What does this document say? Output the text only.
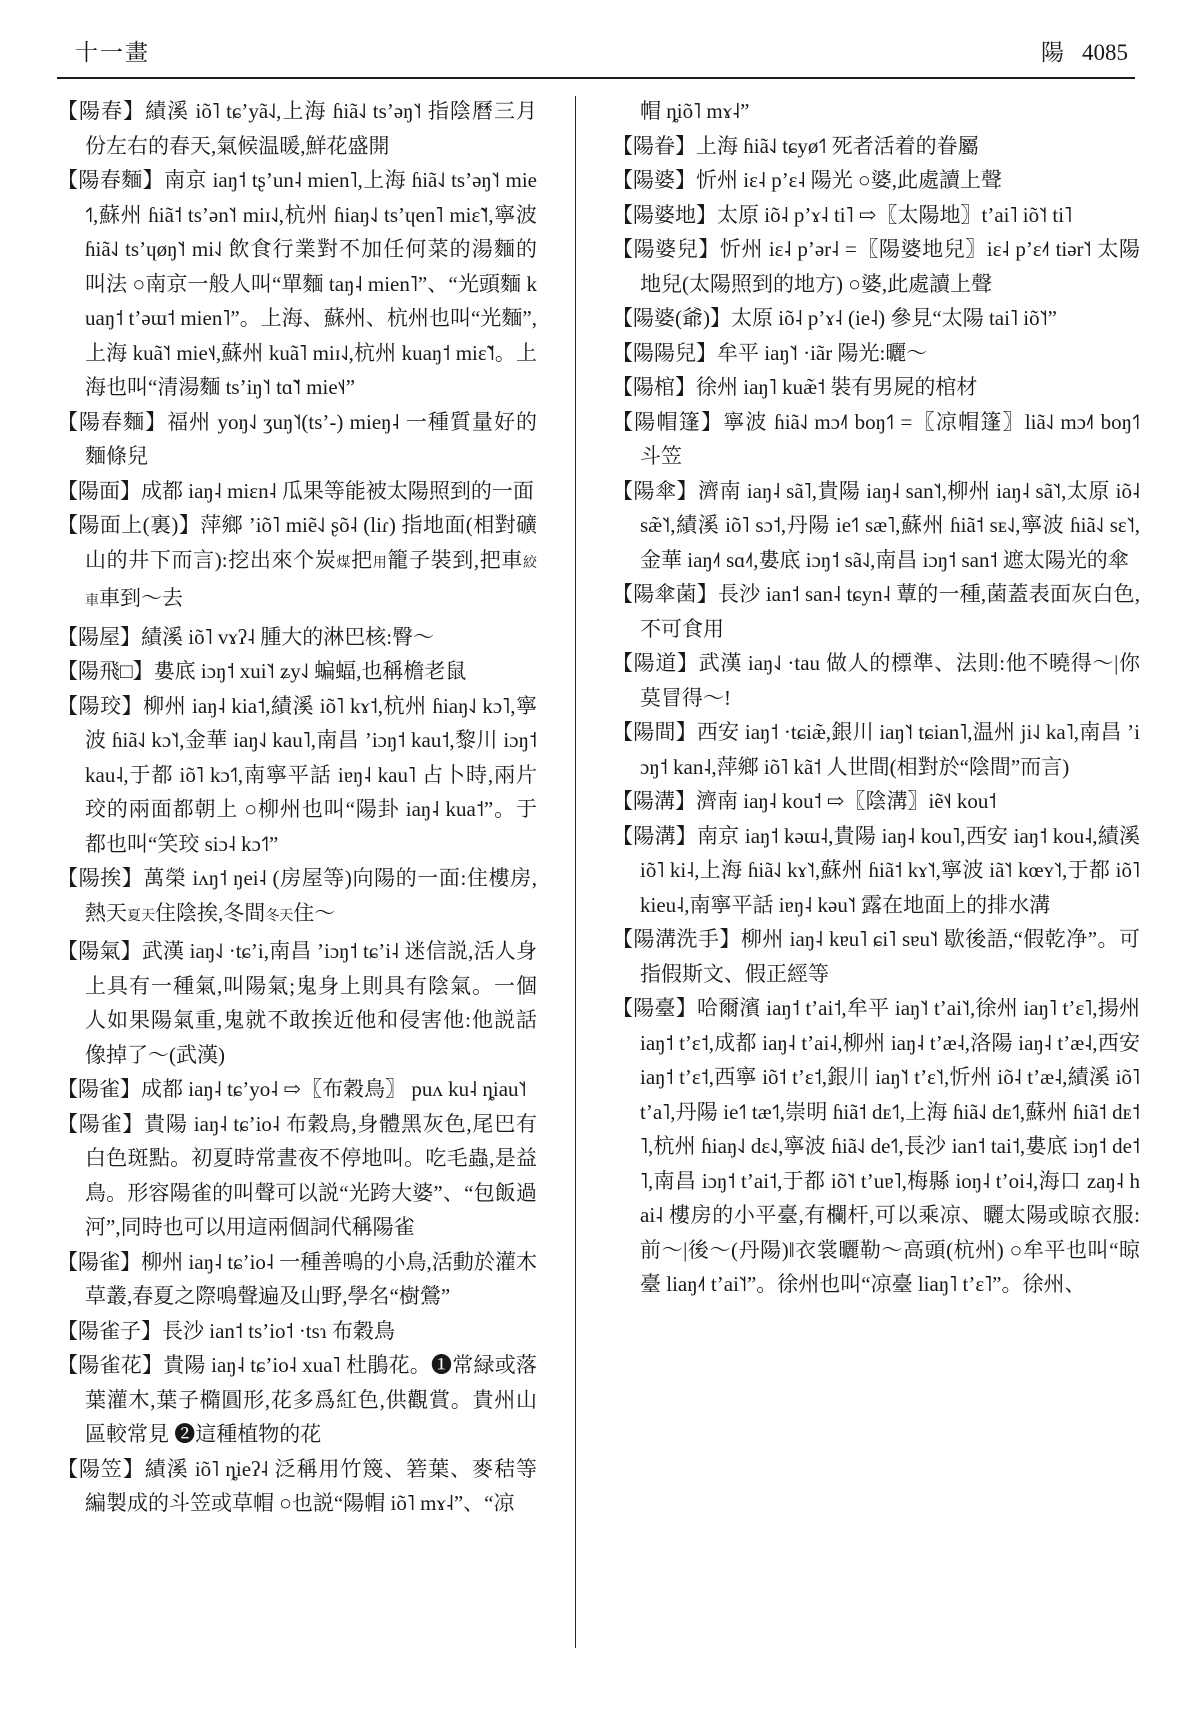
十一畫	陽 4085

【陽春】績溪 iõ˥ tɕʼyã˨˩,上海 ɦiã˨˩ tsʼəŋ˥˦ 指陰曆三月份左右的春天,氣候温暖,鮮花盛開

【陽春麵】南京 iaŋ˦ tʂʼun˨ mien˥,上海 ɦiã˨˩ tsʼəŋ˥˦ mie˦˥,蘇州 ɦiã˦ tsʼən˥˦ miɪ˨˩,杭州 ɦiaŋ˨˩ tsʼɥen˥ miɛ̃˥˦,寧波 ɦiã˨˩ tsʼɥøŋ˥˦ mi˨˩ 飲食行業對不加任何菜的湯麵的叫法 ○南京一般人叫“單麵 taŋ˨ mien˥”、“光頭麵 kuaŋ˦ tʼəɯ˦ mien˥”。上海、蘇州、杭州也叫“光麵”,上海 kuã˥˦ mie˦˨,蘇州 kuã˥ miɪ˨˩,杭州 kuaŋ˦ miɛ̃˥˦。上海也叫“清湯麵 tsʼiŋ˥˦ tɑ̃˥˦ mie˦˨”

【陽春麵】福州 yoŋ˨˩ ʒuŋ˥˦(tsʼ-) mieŋ˨ 一種質量好的麵條兒

【陽面】成都 iaŋ˨ miɛn˨ 瓜果等能被太陽照到的一面

【陽面上(裏)】萍鄉 ʼiõ˥ miẽ˨˩ ʂõ˨ (liɾ) 指地面(相對礦山的井下而言):挖出來个炭煤把用籠子裝到,把車絞車車到～去

【陽屋】績溪 iõ˥ vɤʔ˨ 腫大的淋巴核:臀～

【陽飛□】婁底 iɔŋ˦ xui˥˦ ʑy˨˩ 蝙蝠,也稱檐老鼠

【陽珓】柳州 iaŋ˨ kia˦,績溪 iõ˥ kɤ˦,杭州 ɦiaŋ˨˩ kɔ˥,寧波 ɦiã˨˩ kɔ˥˦,金華 iaŋ˨˩ kau˥,南昌 ʼiɔŋ˦ kau˦,黎川 iɔŋ˦ kau˨,于都 iõ˥ kɔ˦˥,南寧平話 iɐŋ˨ kau˥ 占卜時,兩片珓的兩面都朝上 ○柳州也叫“陽卦 iaŋ˨ kua˦”。于都也叫“笑珓 siɔ˨ kɔ˦˥”

【陽挨】萬榮 iʌŋ˦ ŋei˨ (房屋等)向陽的一面:住樓房,熱天夏天住陰挨,冬間冬天住～

【陽氣】武漢 iaŋ˨˩ ·tɕʼi,南昌 ʼiɔŋ˦ tɕʼi˨ 迷信説,活人身上具有一種氣,叫陽氣;鬼身上則具有陰氣。一個人如果陽氣重,鬼就不敢挨近他和侵害他:他説話像掉了～(武漢)

【陽雀】成都 iaŋ˨ tɕʼyo˨ ⇨〖布穀鳥〗 puʌ ku˨ ȵiau˥˦

【陽雀】貴陽 iaŋ˨ tɕʼio˨ 布穀鳥,身體黑灰色,尾巴有白色斑點。初夏時常晝夜不停地叫。吃毛蟲,是益鳥。形容陽雀的叫聲可以説“光跨大婆”、“包飯過河”,同時也可以用這兩個詞代稱陽雀

【陽雀】柳州 iaŋ˨ tɕʼio˨ 一種善鳴的小鳥,活動於灌木草叢,春夏之際鳴聲遍及山野,學名“樹鶯”

【陽雀子】長沙 ian˦ tsʼio˦ ·tsɿ 布穀鳥

【陽雀花】貴陽 iaŋ˨ tɕʼio˨ xua˥ 杜鵑花。❶常緑或落葉灌木,葉子橢圓形,花多爲紅色,供觀賞。貴州山區較常見 ❷這種植物的花

【陽笠】績溪 iõ˥ ȵieʔ˨ 泛稱用竹篾、箬葉、麥秸等編製成的斗笠或草帽 ○也説“陽帽 iõ˥ mɤ˨”、“凉

帽 ȵiõ˥ mɤ˨”

【陽眷】上海 ɦiã˨˩ tɕyø˦˥ 死者活着的眷屬

【陽婆】忻州 iɛ˨ pʼɛ˨ 陽光 ○婆,此處讀上聲

【陽婆地】太原 iõ˨ pʼɤ˨ ti˥ ⇨〖太陽地〗tʼai˥ iõ˥˦ ti˥

【陽婆兒】忻州 iɛ˨ pʼər˨ =〖陽婆地兒〗iɛ˨ pʼɛ˨˦ tiər˥˦ 太陽地兒(太陽照到的地方) ○婆,此處讀上聲

【陽婆(爺)】太原 iõ˨ pʼɤ˨ (ie˨) 參見“太陽 tai˥ iõ˥˦”

【陽陽兒】牟平 iaŋ˥˦ ·iãr 陽光:曬～

【陽棺】徐州 iaŋ˥ kuæ̃˦ 裝有男屍的棺材

【陽帽篷】寧波 ɦiã˨˩ mɔ˨˥ boŋ˦˥ =〖凉帽篷〗liã˨˩ mɔ˨˥ boŋ˦˥ 斗笠

【陽傘】濟南 iaŋ˨ sã˥,貴陽 iaŋ˨ san˥˦,柳州 iaŋ˨ sã˥˦,太原 iõ˨ sæ̃˥˦,績溪 iõ˥ sɔ˦,丹陽 ie˦˥ sæ˥,蘇州 ɦiã˦ sᴇ˨˩,寧波 ɦiã˨˩ sɛ˥˦,金華 iaŋ˨˦ sɑ˨˦,婁底 iɔŋ˦ sã˨˩,南昌 iɔŋ˦ san˦ 遮太陽光的傘

【陽傘菌】長沙 ian˦ san˨ tɕyn˨ 蕈的一種,菌蓋表面灰白色,不可食用

【陽道】武漢 iaŋ˨˩ ·tau 做人的標準、法則:他不曉得～|你莫冒得～!

【陽間】西安 iaŋ˦ ·tɕiæ̃,銀川 iaŋ˥˦ tɕian˥,温州 ji˨˩ ka˥,南昌 ʼiɔŋ˦ kan˨,萍鄉 iõ˥ kã˦ 人世間(相對於“陰間”而言)

【陽溝】濟南 iaŋ˨ kou˦ ⇨〖陰溝〗iẽ˦˨ kou˦

【陽溝】南京 iaŋ˦ kəɯ˨,貴陽 iaŋ˨ kou˥,西安 iaŋ˦ kou˨,績溪 iõ˥ ki˨,上海 ɦiã˨˩ kɤ˥˦,蘇州 ɦiã˦ kɤ˥˦,寧波 iã˥˦ kœʏ˥˦,于都 iõ˥ kieu˨,南寧平話 iɐŋ˨ kəu˥˦ 露在地面上的排水溝

【陽溝洗手】柳州 iaŋ˨ kɐu˥ ɕi˥ sɐu˥˦ 歇後語,“假乾净”。可指假斯文、假正經等

【陽臺】哈爾濱 iaŋ˦ tʼai˦,牟平 iaŋ˥˦ tʼai˥˦,徐州 iaŋ˥ tʼɛ˥,揚州 iaŋ˦ tʼɛ˦,成都 iaŋ˨ tʼai˨,柳州 iaŋ˨ tʼæ˨,洛陽 iaŋ˨ tʼæ˨,西安 iaŋ˦ tʼɛ˦,西寧 iõ˦ tʼɛ˦,銀川 iaŋ˥˦ tʼɛ˥˦,忻州 iõ˨ tʼæ˨,績溪 iõ˥ tʼa˥,丹陽 ie˦˥ tæ˦˥,崇明 ɦiã˦ dᴇ˦˥,上海 ɦiã˨˩ dᴇ˦˥,蘇州 ɦiã˦ dᴇ˦˥,杭州 ɦiaŋ˨˩ dɛ˨˩,寧波 ɦiã˨˩ de˦˥,長沙 ian˦ tai˦,婁底 iɔŋ˦ de˦˥,南昌 iɔŋ˦ tʼai˦,于都 iõ˥˦ tʼuɐ˥,梅縣 ioŋ˨ tʼoi˨,海口 zaŋ˨ hai˨ 樓房的小平臺,有欄杆,可以乘凉、曬太陽或晾衣服:前～|後～(丹陽)‖衣裳曬勒～高頭(杭州) ○牟平也叫“晾臺 liaŋ˨˦ tʼai˥˦”。徐州也叫“凉臺 liaŋ˥ tʼɛ˥”。徐州、
